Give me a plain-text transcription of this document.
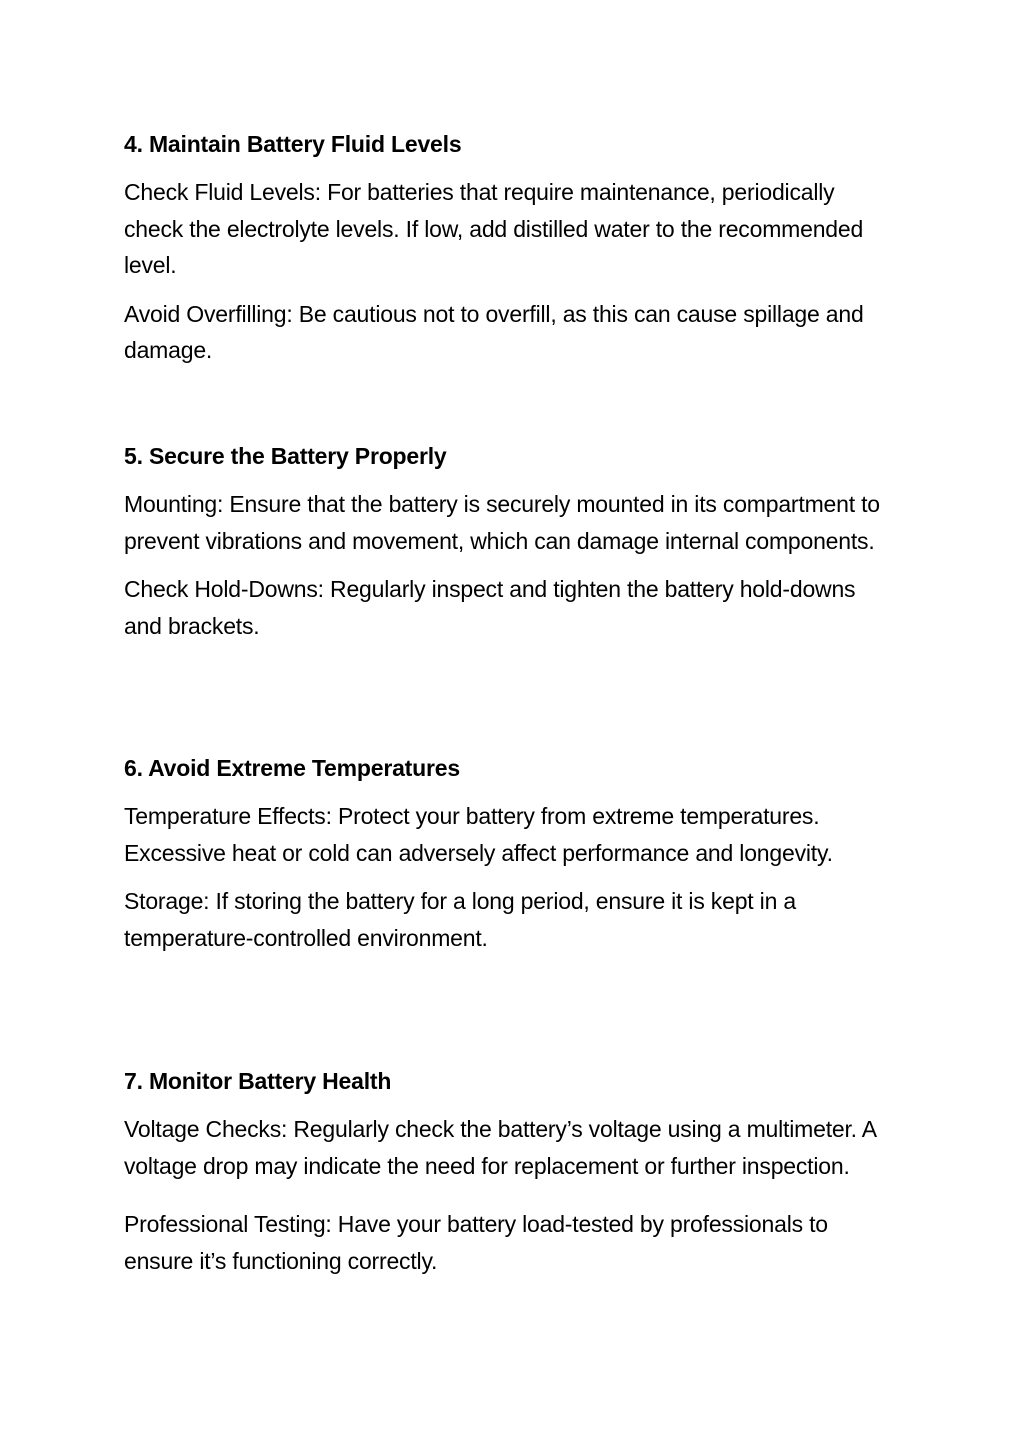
4. Maintain Battery Fluid Levels

Check Fluid Levels: For batteries that require maintenance, periodically check the electrolyte levels. If low, add distilled water to the recommended level.

Avoid Overfilling: Be cautious not to overfill, as this can cause spillage and damage.

5. Secure the Battery Properly

Mounting: Ensure that the battery is securely mounted in its compartment to prevent vibrations and movement, which can damage internal components.

Check Hold-Downs: Regularly inspect and tighten the battery hold-downs and brackets.

6. Avoid Extreme Temperatures

Temperature Effects: Protect your battery from extreme temperatures. Excessive heat or cold can adversely affect performance and longevity.

Storage: If storing the battery for a long period, ensure it is kept in a temperature-controlled environment.

7. Monitor Battery Health

Voltage Checks: Regularly check the battery’s voltage using a multimeter. A voltage drop may indicate the need for replacement or further inspection.

Professional Testing: Have your battery load-tested by professionals to ensure it’s functioning correctly.
